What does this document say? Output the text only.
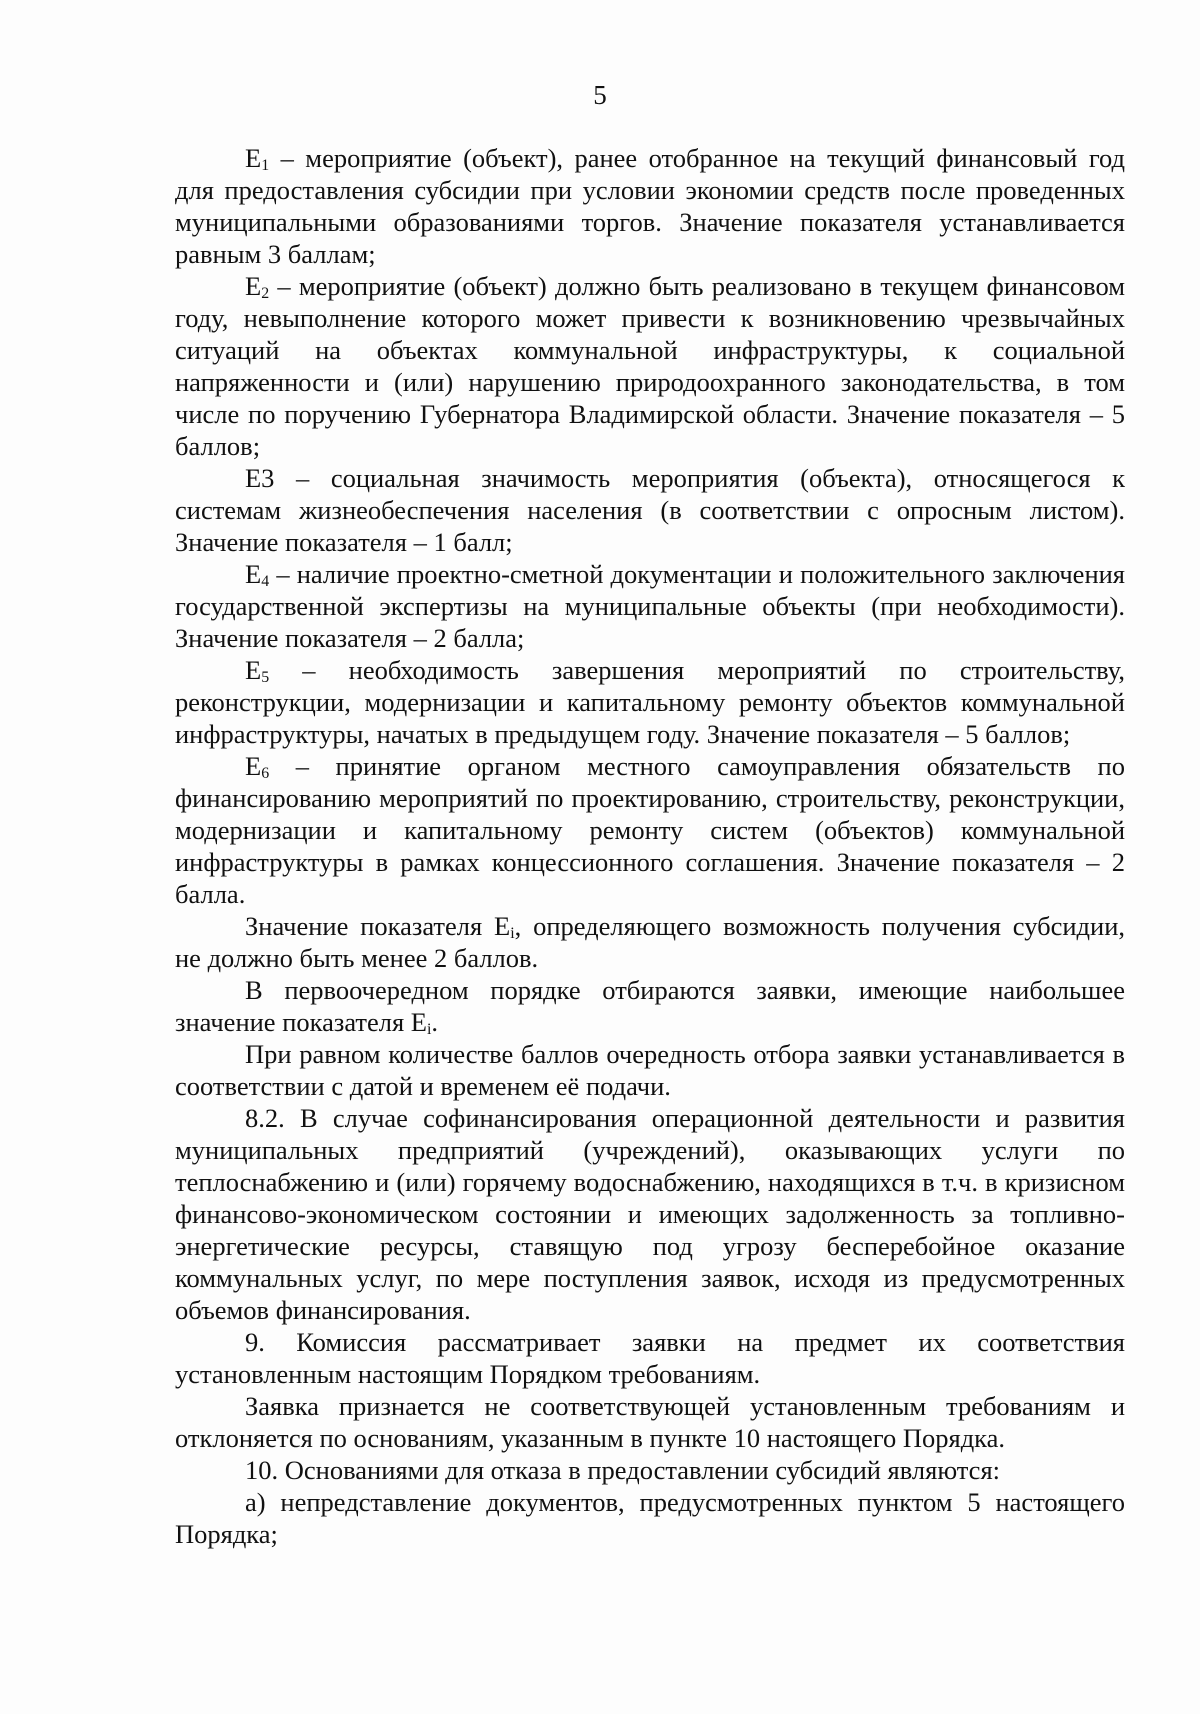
5

$E_1$ – мероприятие (объект), ранее отобранное на текущий финансовый год для предоставления субсидии при условии экономии средств после проведенных муниципальными образованиями торгов. Значение показателя устанавливается равным 3 баллам;

$E_2$ – мероприятие (объект) должно быть реализовано в текущем финансовом году, невыполнение которого может привести к возникновению чрезвычайных ситуаций на объектах коммунальной инфраструктуры, к социальной напряженности и (или) нарушению природоохранного законодательства, в том числе по поручению Губернатора Владимирской области. Значение показателя – 5 баллов;

E3 – социальная значимость мероприятия (объекта), относящегося к системам жизнеобеспечения населения (в соответствии с опросным листом). Значение показателя – 1 балл;

$E_4$ – наличие проектно-сметной документации и положительного заключения государственной экспертизы на муниципальные объекты (при необходимости). Значение показателя – 2 балла;

$E_5$ – необходимость завершения мероприятий по строительству, реконструкции, модернизации и капитальному ремонту объектов коммунальной инфраструктуры, начатых в предыдущем году. Значение показателя – 5 баллов;

$E_6$ – принятие органом местного самоуправления обязательств по финансированию мероприятий по проектированию, строительству, реконструкции, модернизации и капитальному ремонту систем (объектов) коммунальной инфраструктуры в рамках концессионного соглашения. Значение показателя – 2 балла.

Значение показателя $E_i$, определяющего возможность получения субсидии, не должно быть менее 2 баллов.

В первоочередном порядке отбираются заявки, имеющие наибольшее значение показателя $E_i$.

При равном количестве баллов очередность отбора заявки устанавливается в соответствии с датой и временем её подачи.

8.2. В случае софинансирования операционной деятельности и развития муниципальных предприятий (учреждений), оказывающих услуги по теплоснабжению и (или) горячему водоснабжению, находящихся в т.ч. в кризисном финансово-экономическом состоянии и имеющих задолженность за топливно-энергетические ресурсы, ставящую под угрозу бесперебойное оказание коммунальных услуг, по мере поступления заявок, исходя из предусмотренных объемов финансирования.

9. Комиссия рассматривает заявки на предмет их соответствия установленным настоящим Порядком требованиям.

Заявка признается не соответствующей установленным требованиям и отклоняется по основаниям, указанным в пункте 10 настоящего Порядка.

10. Основаниями для отказа в предоставлении субсидий являются:

а) непредставление документов, предусмотренных пунктом 5 настоящего Порядка;
